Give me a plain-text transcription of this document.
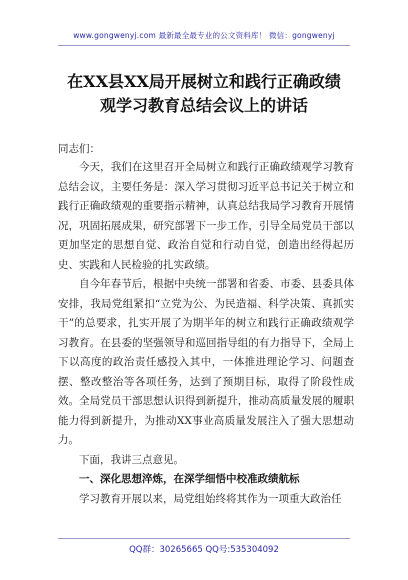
www.gongwenyj.com 最新最全最专业的公文资料库！ 微信：gongwenyj
在XX县XX局开展树立和践行正确政绩
观学习教育总结会议上的讲话
同志们：

今天，我们在这里召开全局树立和践行正确政绩观学习教育总结会议，主要任务是：深入学习贯彻习近平总书记关于树立和践行正确政绩观的重要指示精神，认真总结我局学习教育开展情况，巩固拓展成果，研究部署下一步工作，引导全局党员干部以更加坚定的思想自觉、政治自觉和行动自觉，创造出经得起历史、实践和人民检验的扎实政绩。

自今年春节后，根据中央统一部署和省委、市委、县委具体安排，我局党组紧扣“立党为公、为民造福、科学决策、真抓实干”的总要求，扎实开展了为期半年的树立和践行正确政绩观学习教育。在县委的坚强领导和巡回指导组的有力指导下，全局上下以高度的政治责任感投入其中，一体推进理论学习、问题查摆、整改整治等各项任务，达到了预期目标，取得了阶段性成效。全局党员干部思想认识得到新提升，推动高质量发展的履职能力得到新提升，为推动XX事业高质量发展注入了强大思想动力。

下面，我讲三点意见。

一、深化思想淬炼，在深学细悟中校准政绩航标

学习教育开展以来，局党组始终将其作为一项重大政治任

QQ群：30265665 QQ号:535304092
